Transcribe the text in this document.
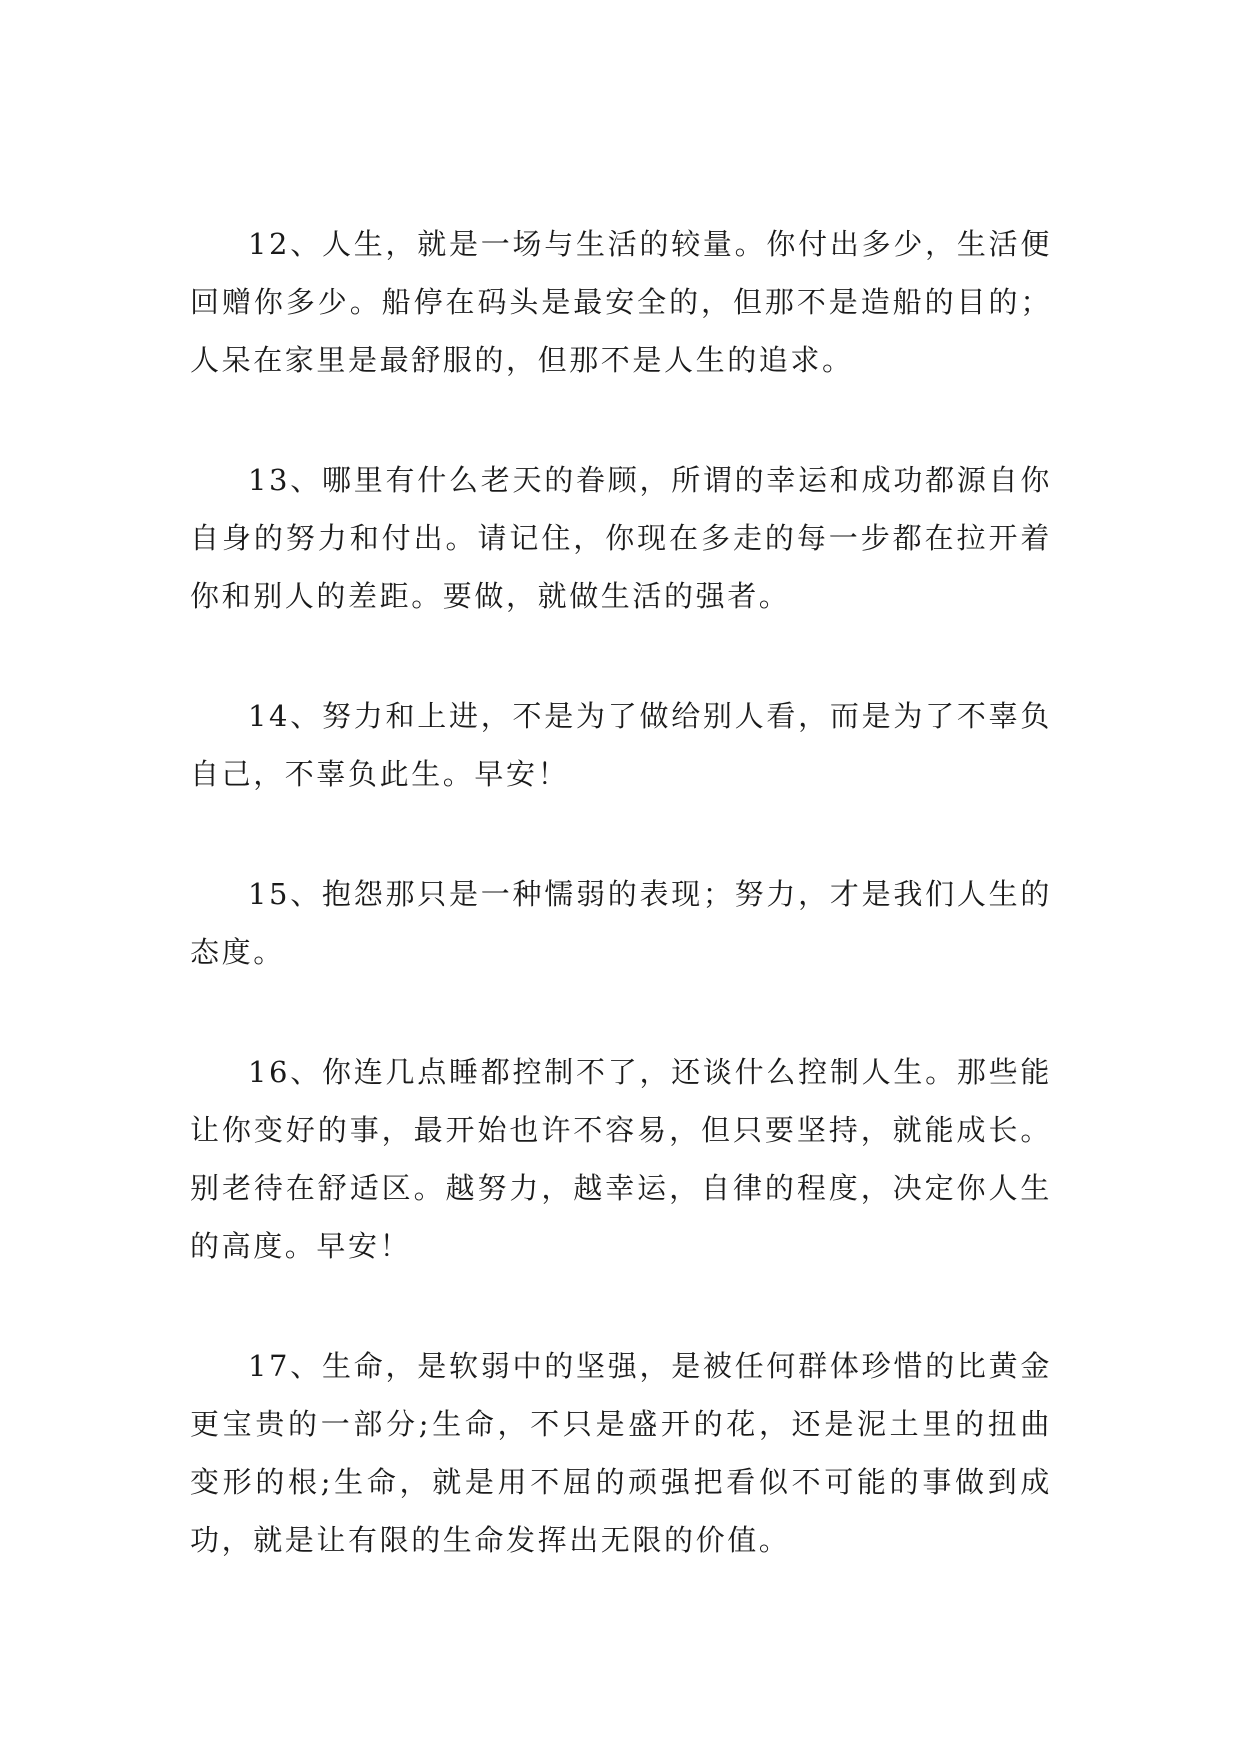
12、人生，就是一场与生活的较量。你付出多少，生活便回赠你多少。船停在码头是最安全的，但那不是造船的目的；人呆在家里是最舒服的，但那不是人生的追求。

13、哪里有什么老天的眷顾，所谓的幸运和成功都源自你自身的努力和付出。请记住，你现在多走的每一步都在拉开着你和别人的差距。要做，就做生活的强者。

14、努力和上进，不是为了做给别人看，而是为了不辜负自己，不辜负此生。早安！

15、抱怨那只是一种懦弱的表现；努力，才是我们人生的态度。

16、你连几点睡都控制不了，还谈什么控制人生。那些能让你变好的事，最开始也许不容易，但只要坚持，就能成长。别老待在舒适区。越努力，越幸运，自律的程度，决定你人生的高度。早安！

17、生命，是软弱中的坚强，是被任何群体珍惜的比黄金更宝贵的一部分;生命，不只是盛开的花，还是泥土里的扭曲变形的根;生命，就是用不屈的顽强把看似不可能的事做到成功，就是让有限的生命发挥出无限的价值。
